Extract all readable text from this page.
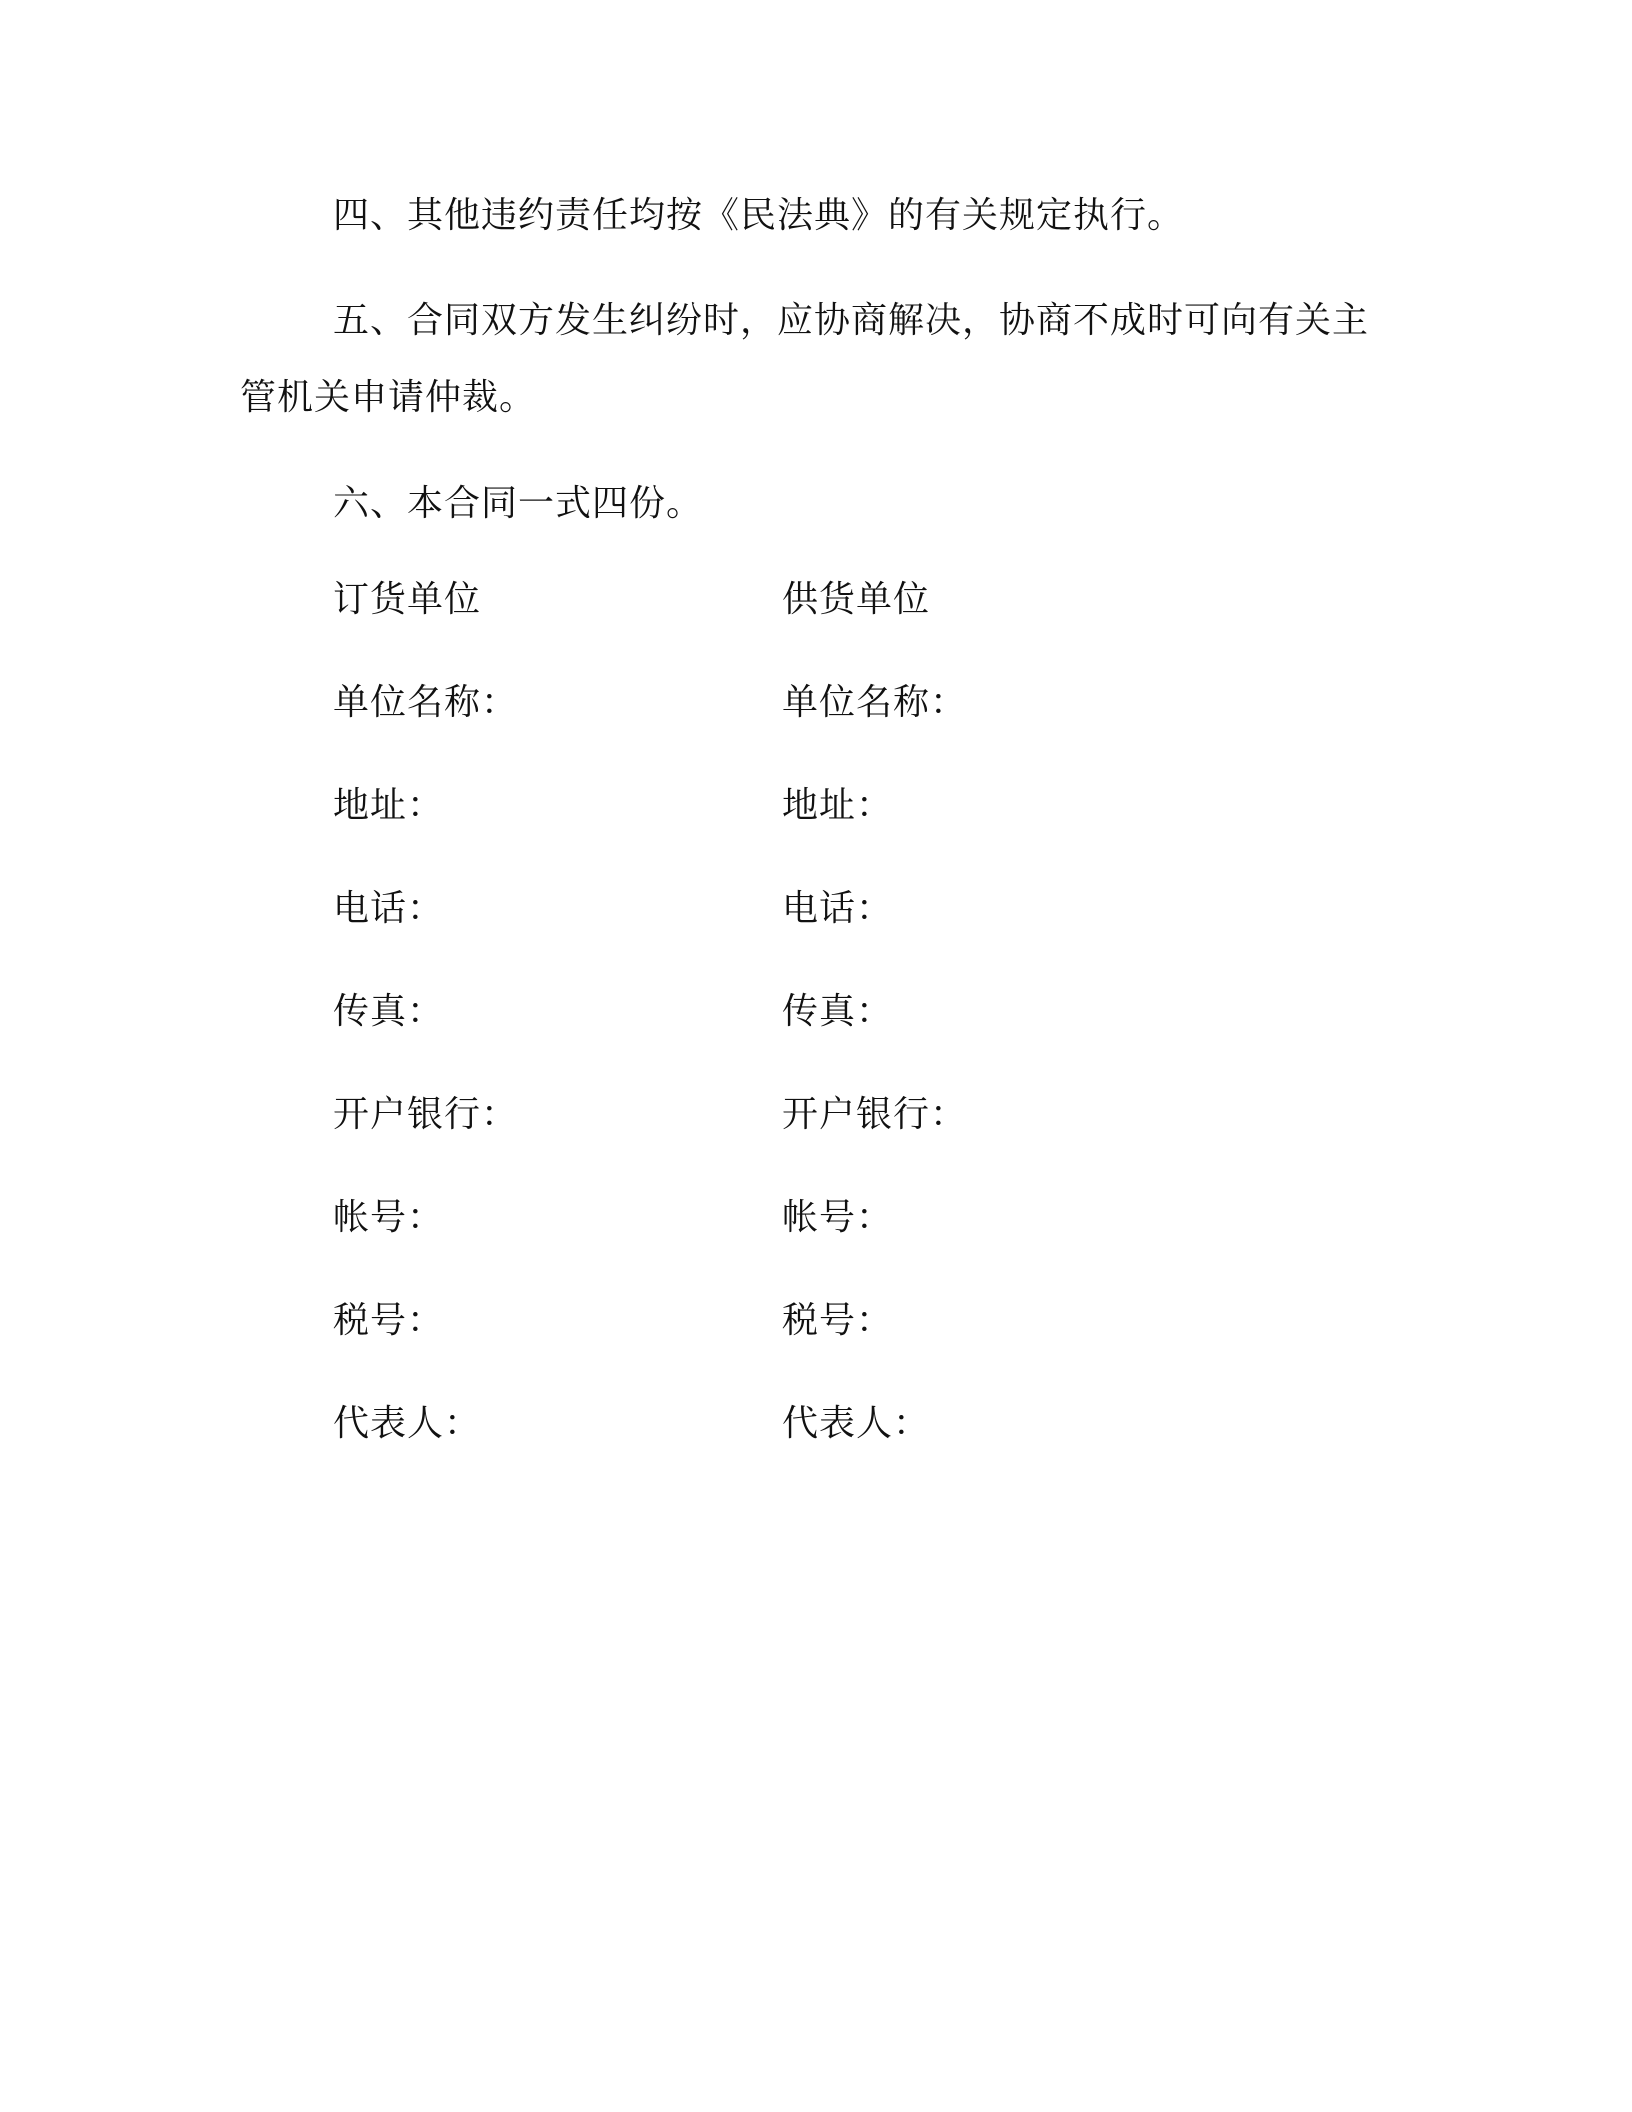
四、其他违约责任均按《民法典》的有关规定执行。
五、合同双方发生纠纷时，应协商解决，协商不成时可向有关主
管机关申请仲裁。
六、本合同一式四份。
订货单位
单位名称：
地址：
电话：
传真：
开户银行：
帐号：
税号：
代表人：
供货单位
单位名称：
地址：
电话：
传真：
开户银行：
帐号：
税号：
代表人：
